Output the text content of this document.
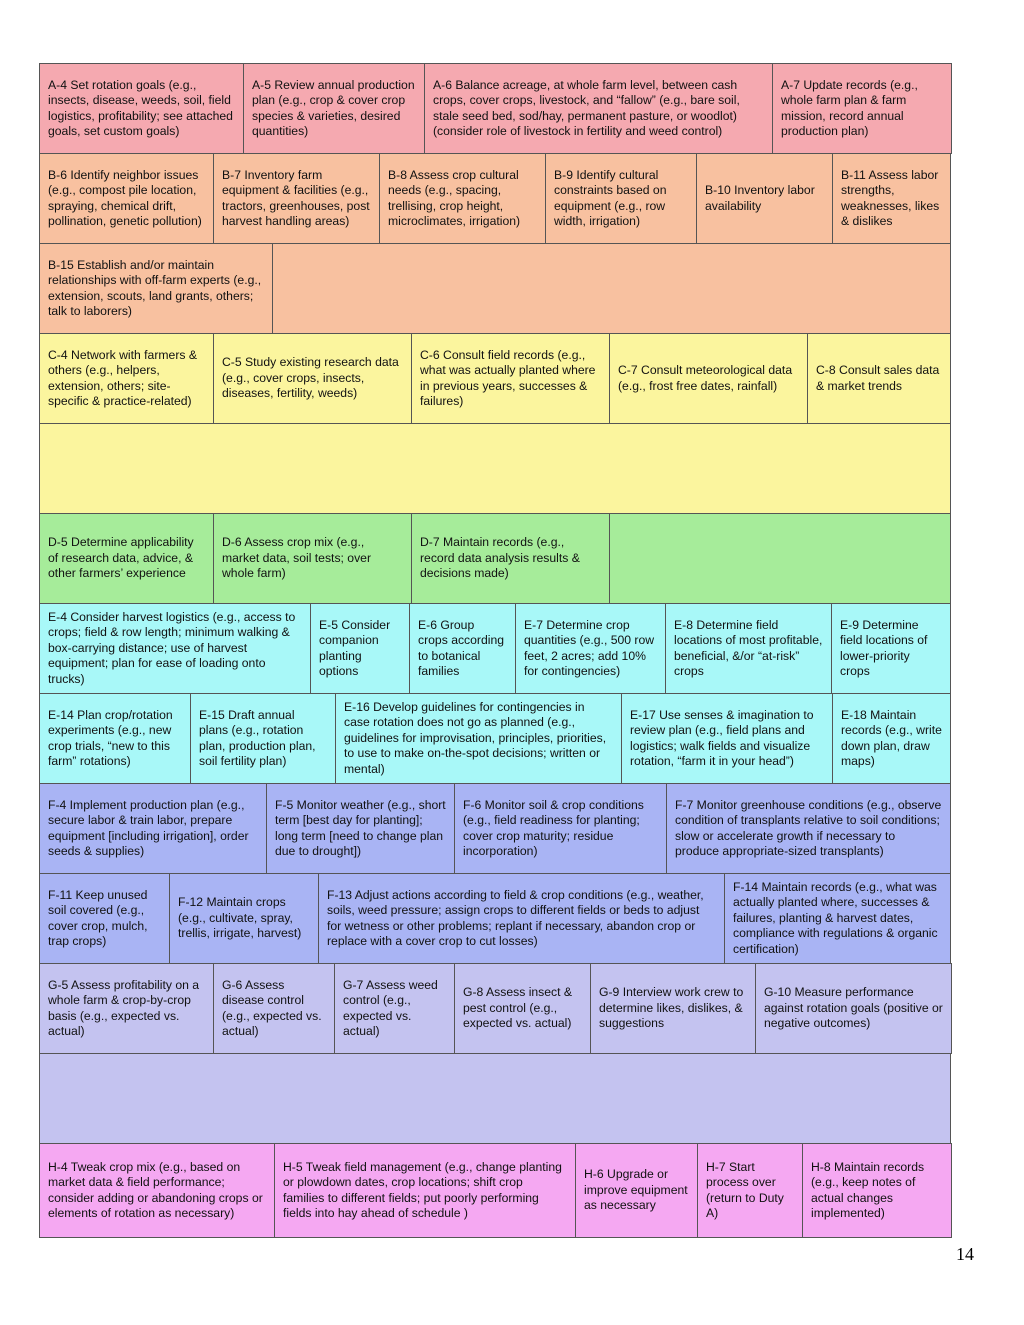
A-4 Set rotation goals (e.g., insects, disease, weeds, soil, field logistics, profitability; see attached goals, set custom goals)
A-5 Review annual production plan (e.g., crop & cover crop species & varieties, desired quantities)
A-6 Balance acreage, at whole farm level, between cash crops, cover crops, livestock, and “fallow” (e.g., bare soil, stale seed bed, sod/hay, permanent pasture, or woodlot)(consider role of livestock in fertility and weed control)
A-7 Update records (e.g., whole farm plan & farm mission, record annual production plan)
B-6 Identify neighbor issues (e.g., compost pile location, spraying, chemical drift, pollination, genetic pollution)
B-7 Inventory farm equipment & facilities (e.g., tractors, greenhouses, post harvest handling areas)
B-8 Assess crop cultural needs (e.g., spacing, trellising, crop height, microclimates, irrigation)
B-9 Identify cultural constraints based on equipment (e.g., row width, irrigation)
B-10 Inventory labor availability
B-11 Assess labor strengths, weaknesses, likes & dislikes
B-15 Establish and/or maintain relationships with off-farm experts (e.g., extension, scouts, land grants, others; talk to laborers)
C-4 Network with farmers & others (e.g., helpers, extension, others; site-specific & practice-related)
C-5 Study existing research data (e.g., cover crops, insects, diseases, fertility, weeds)
C-6 Consult field records (e.g., what was actually planted where in previous years, successes & failures)
C-7 Consult meteorological data (e.g., frost free dates, rainfall)
C-8 Consult sales data & market trends
D-5 Determine applicability of research data, advice, & other farmers’ experience
D-6 Assess crop mix (e.g., market data, soil tests; over whole farm)
D-7 Maintain records (e.g., record data analysis results & decisions made)
E-4 Consider harvest logistics (e.g., access to crops; field & row length; minimum walking & box-carrying distance; use of harvest equipment; plan for ease of loading onto trucks)
E-5 Consider companion planting options
E-6 Group crops according to botanical families
E-7 Determine crop quantities (e.g., 500 row feet, 2 acres; add 10% for contingencies)
E-8 Determine field locations of most profitable, beneficial, &/or “at-risk” crops
E-9 Determine field locations of lower-priority crops
E-14 Plan crop/rotation experiments (e.g., new crop trials, “new to this farm” rotations)
E-15 Draft annual plans (e.g., rotation plan, production plan, soil fertility plan)
E-16 Develop guidelines for contingencies in case rotation does not go as planned (e.g., guidelines for improvisation, principles, priorities, to use to make on-the-spot decisions; written or mental)
E-17 Use senses & imagination to review plan (e.g., field plans and logistics; walk fields and visualize rotation, “farm it in your head”)
E-18 Maintain records (e.g., write down plan, draw maps)
F-4 Implement production plan (e.g., secure labor & train labor, prepare equipment [including irrigation], order seeds & supplies)
F-5 Monitor weather (e.g., short term [best day for planting]; long term [need to change plan due to drought])
F-6 Monitor soil & crop conditions (e.g., field readiness for planting; cover crop maturity; residue incorporation)
F-7 Monitor greenhouse conditions (e.g., observe condition of transplants relative to soil conditions; slow or accelerate growth if necessary to produce appropriate-sized transplants)
F-11 Keep unused soil covered (e.g., cover crop, mulch, trap crops)
F-12 Maintain crops (e.g., cultivate, spray, trellis, irrigate, harvest)
F-13 Adjust actions according to field & crop conditions (e.g., weather, soils, weed pressure; assign crops to different fields or beds to adjust for wetness or other problems; replant if necessary, abandon crop or replace with a cover crop to cut losses)
F-14 Maintain records (e.g., what was actually planted where, successes & failures, planting & harvest dates, compliance with regulations & organic certification)
G-5 Assess profitability on a whole farm & crop-by-crop basis (e.g., expected vs. actual)
G-6 Assess disease control (e.g., expected vs. actual)
G-7 Assess weed control (e.g., expected vs. actual)
G-8 Assess insect & pest control (e.g., expected vs. actual)
G-9 Interview work crew to determine likes, dislikes, & suggestions
G-10 Measure performance against rotation goals (positive or negative outcomes)
H-4 Tweak crop mix (e.g., based on market data & field performance; consider adding or abandoning crops or elements of rotation as necessary)
H-5 Tweak field management (e.g., change planting or plowdown dates, crop locations; shift crop families to different fields; put poorly performing fields into hay ahead of schedule )
H-6 Upgrade or improve equipment as necessary
H-7 Start process over (return to Duty A)
H-8 Maintain records (e.g., keep notes of actual changes implemented)
14
